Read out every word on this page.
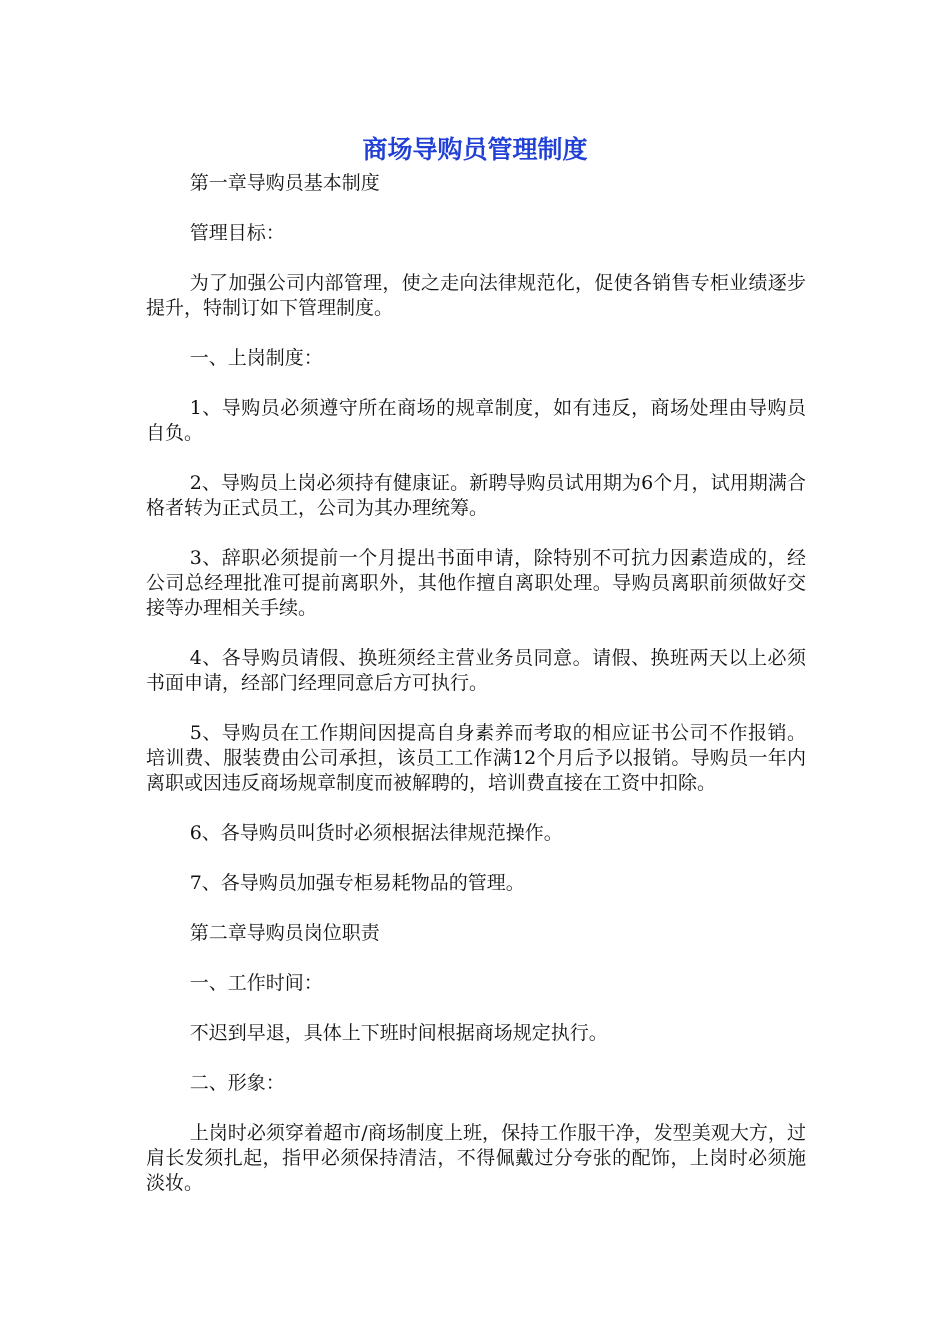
商场导购员管理制度

第一章导购员基本制度

管理目标：

为了加强公司内部管理，使之走向法律规范化，促使各销售专柜业绩逐步提升，特制订如下管理制度。

一、上岗制度：

1、导购员必须遵守所在商场的规章制度，如有违反，商场处理由导购员自负。

2、导购员上岗必须持有健康证。新聘导购员试用期为6个月，试用期满合格者转为正式员工，公司为其办理统筹。

3、辞职必须提前一个月提出书面申请，除特别不可抗力因素造成的，经公司总经理批准可提前离职外，其他作擅自离职处理。导购员离职前须做好交接等办理相关手续。

4、各导购员请假、换班须经主营业务员同意。请假、换班两天以上必须书面申请，经部门经理同意后方可执行。

5、导购员在工作期间因提高自身素养而考取的相应证书公司不作报销。培训费、服装费由公司承担，该员工工作满12个月后予以报销。导购员一年内离职或因违反商场规章制度而被解聘的，培训费直接在工资中扣除。

6、各导购员叫货时必须根据法律规范操作。

7、各导购员加强专柜易耗物品的管理。

第二章导购员岗位职责

一、工作时间：

不迟到早退，具体上下班时间根据商场规定执行。

二、形象：

上岗时必须穿着超市/商场制度上班，保持工作服干净，发型美观大方，过肩长发须扎起，指甲必须保持清洁，不得佩戴过分夸张的配饰，上岗时必须施淡妆。
